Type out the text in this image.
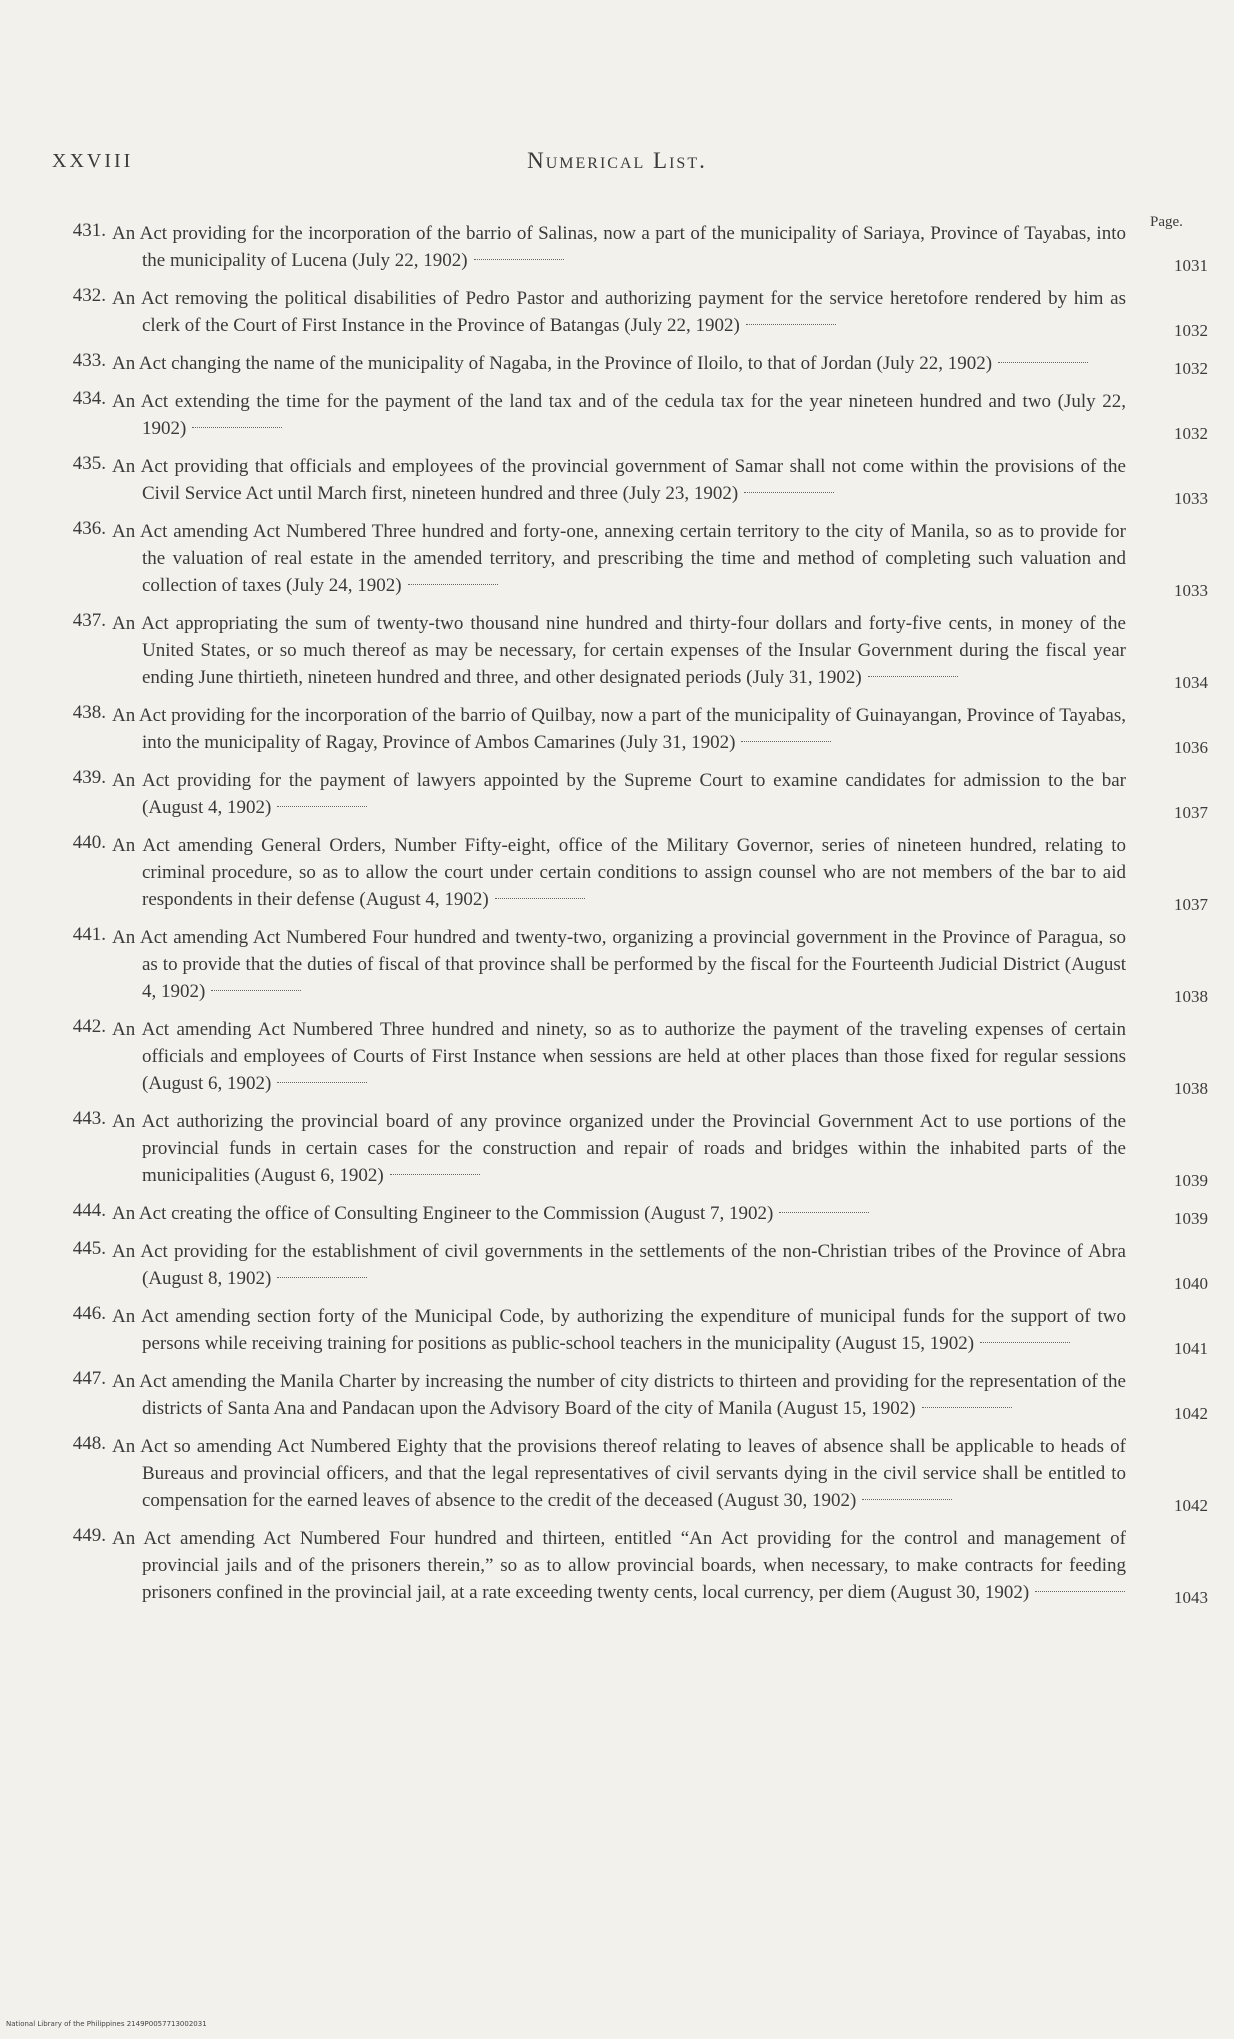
XXVIII	Numerical List.
Page.
431. An Act providing for the incorporation of the barrio of Salinas, now a part of the municipality of Sariaya, Province of Tayabas, into the municipality of Lucena (July 22, 1902)	1031
432. An Act removing the political disabilities of Pedro Pastor and authorizing payment for the service heretofore rendered by him as clerk of the Court of First Instance in the Province of Batangas (July 22, 1902)	1032
433. An Act changing the name of the municipality of Nagaba, in the Province of Iloilo, to that of Jordan (July 22, 1902)	1032
434. An Act extending the time for the payment of the land tax and of the cedula tax for the year nineteen hundred and two (July 22, 1902)	1032
435. An Act providing that officials and employees of the provincial government of Samar shall not come within the provisions of the Civil Service Act until March first, nineteen hundred and three (July 23, 1902)	1033
436. An Act amending Act Numbered Three hundred and forty-one, annexing certain territory to the city of Manila, so as to provide for the valuation of real estate in the amended territory, and prescribing the time and method of completing such valuation and collection of taxes (July 24, 1902)	1033
437. An Act appropriating the sum of twenty-two thousand nine hundred and thirty-four dollars and forty-five cents, in money of the United States, or so much thereof as may be necessary, for certain expenses of the Insular Government during the fiscal year ending June thirtieth, nineteen hundred and three, and other designated periods (July 31, 1902)	1034
438. An Act providing for the incorporation of the barrio of Quilbay, now a part of the municipality of Guinayangan, Province of Tayabas, into the municipality of Ragay, Province of Ambos Camarines (July 31, 1902)	1036
439. An Act providing for the payment of lawyers appointed by the Supreme Court to examine candidates for admission to the bar (August 4, 1902)	1037
440. An Act amending General Orders, Number Fifty-eight, office of the Military Governor, series of nineteen hundred, relating to criminal procedure, so as to allow the court under certain conditions to assign counsel who are not members of the bar to aid respondents in their defense (August 4, 1902)	1037
441. An Act amending Act Numbered Four hundred and twenty-two, organizing a provincial government in the Province of Paragua, so as to provide that the duties of fiscal of that province shall be performed by the fiscal for the Fourteenth Judicial District (August 4, 1902)	1038
442. An Act amending Act Numbered Three hundred and ninety, so as to authorize the payment of the traveling expenses of certain officials and employees of Courts of First Instance when sessions are held at other places than those fixed for regular sessions (August 6, 1902)	1038
443. An Act authorizing the provincial board of any province organized under the Provincial Government Act to use portions of the provincial funds in certain cases for the construction and repair of roads and bridges within the inhabited parts of the municipalities (August 6, 1902)	1039
444. An Act creating the office of Consulting Engineer to the Commission (August 7, 1902)	1039
445. An Act providing for the establishment of civil governments in the settlements of the non-Christian tribes of the Province of Abra (August 8, 1902)	1040
446. An Act amending section forty of the Municipal Code, by authorizing the expenditure of municipal funds for the support of two persons while receiving training for positions as public-school teachers in the municipality (August 15, 1902)	1041
447. An Act amending the Manila Charter by increasing the number of city districts to thirteen and providing for the representation of the districts of Santa Ana and Pandacan upon the Advisory Board of the city of Manila (August 15, 1902)	1042
448. An Act so amending Act Numbered Eighty that the provisions thereof relating to leaves of absence shall be applicable to heads of Bureaus and provincial officers, and that the legal representatives of civil servants dying in the civil service shall be entitled to compensation for the earned leaves of absence to the credit of the deceased (August 30, 1902)	1042
449. An Act amending Act Numbered Four hundred and thirteen, entitled “An Act providing for the control and management of provincial jails and of the prisoners therein,” so as to allow provincial boards, when necessary, to make contracts for feeding prisoners confined in the provincial jail, at a rate exceeding twenty cents, local currency, per diem (August 30, 1902)	1043
National Library of the Philippines 2149P0057713002031
